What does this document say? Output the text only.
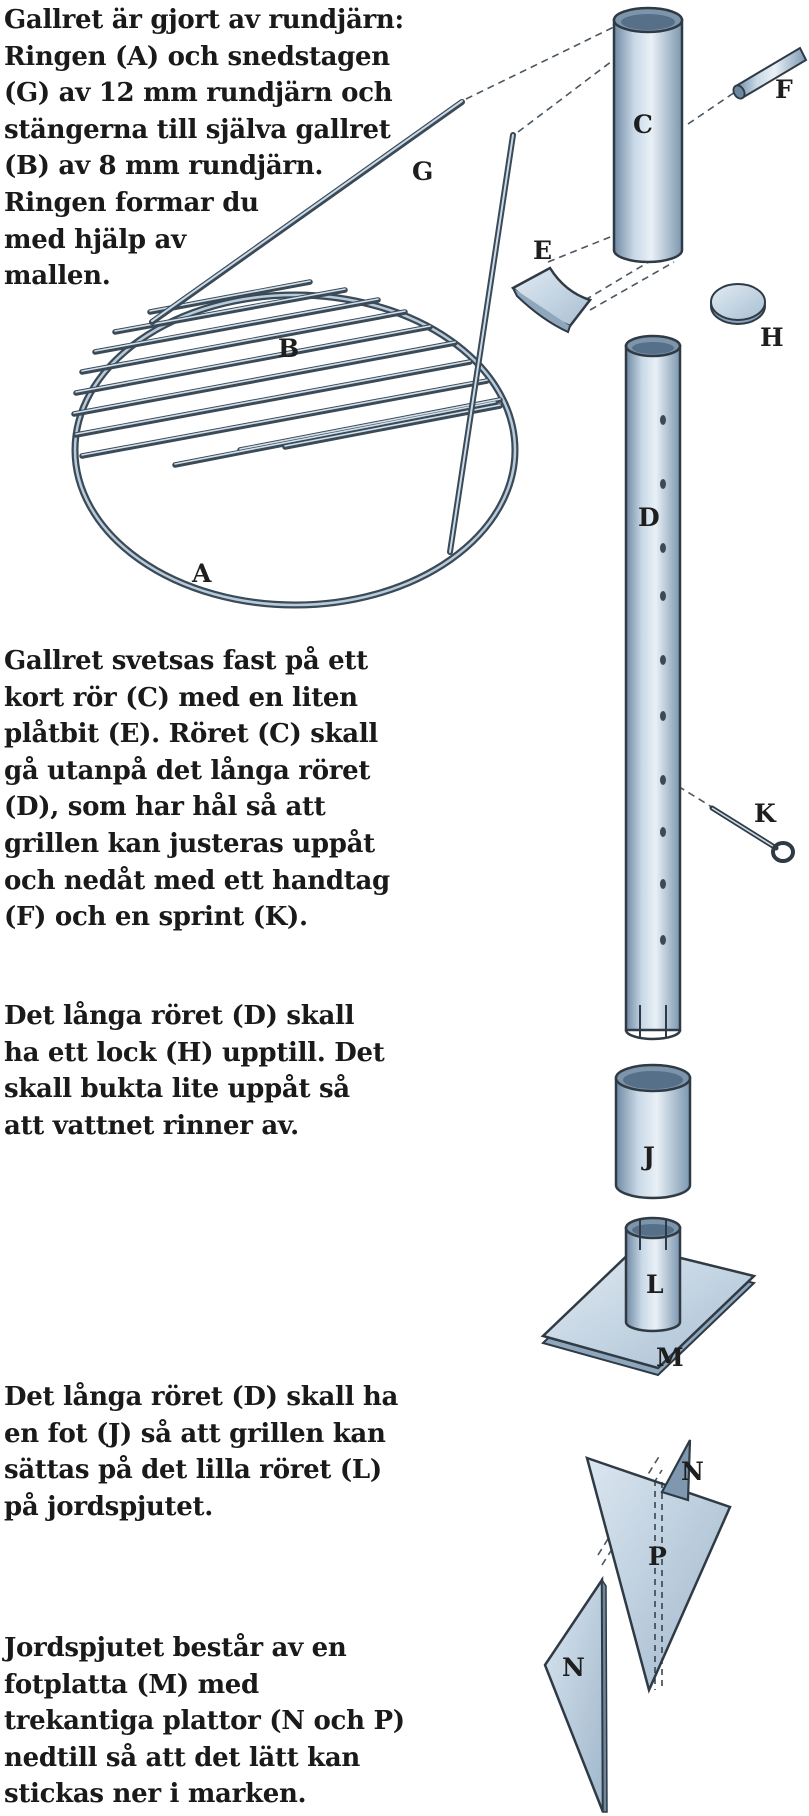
Gallret är gjort av rundjärn:
Ringen (A) och snedstagen
(G) av 12 mm rundjärn och
stängerna till själva gallret
(B) av 8 mm rundjärn.
Ringen formar du
med hjälp av
mallen.

Gallret svetsas fast på ett
kort rör (C) med en liten
plåtbit (E). Röret (C) skall
gå utanpå det långa röret
(D), som har hål så att
grillen kan justeras uppåt
och nedåt med ett handtag
(F) och en sprint (K).

Det långa röret (D) skall
ha ett lock (H) upptill. Det
skall bukta lite uppåt så
att vattnet rinner av.

Det långa röret (D) skall ha
en fot (J) så att grillen kan
sättas på det lilla röret (L)
på jordspjutet.

Jordspjutet består av en
fotplatta (M) med
trekantiga plattor (N och P)
nedtill så att det lätt kan
stickas ner i marken.

A
B
C
D
E
F
G
H
J
K
L
M
N
N
P
